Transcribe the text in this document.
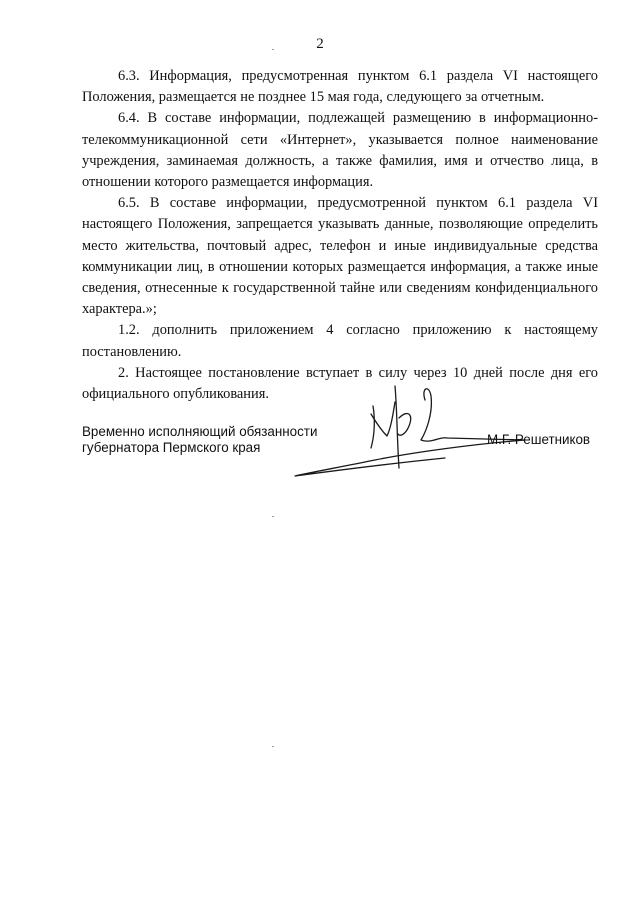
2

6.3. Информация, предусмотренная пунктом 6.1 раздела VI настоящего Положения, размещается не позднее 15 мая года, следующего за отчетным.

6.4. В составе информации, подлежащей размещению в информационно-телекоммуникационной сети «Интернет», указывается полное наименование учреждения, заминаемая должность, а также фамилия, имя и отчество лица, в отношении которого размещается информация.

6.5. В составе информации, предусмотренной пунктом 6.1 раздела VI настоящего Положения, запрещается указывать данные, позволяющие определить место жительства, почтовый адрес, телефон и иные индивидуальные средства коммуникации лиц, в отношении которых размещается информация, а также иные сведения, отнесенные к государственной тайне или сведениям конфиденциального характера.»;

1.2. дополнить приложением 4 согласно приложению к настоящему постановлению.

2. Настоящее постановление вступает в силу через 10 дней после дня его официального опубликования.

Временно исполняющий обязанности
губернатора Пермского края
М.Г. Решетников
